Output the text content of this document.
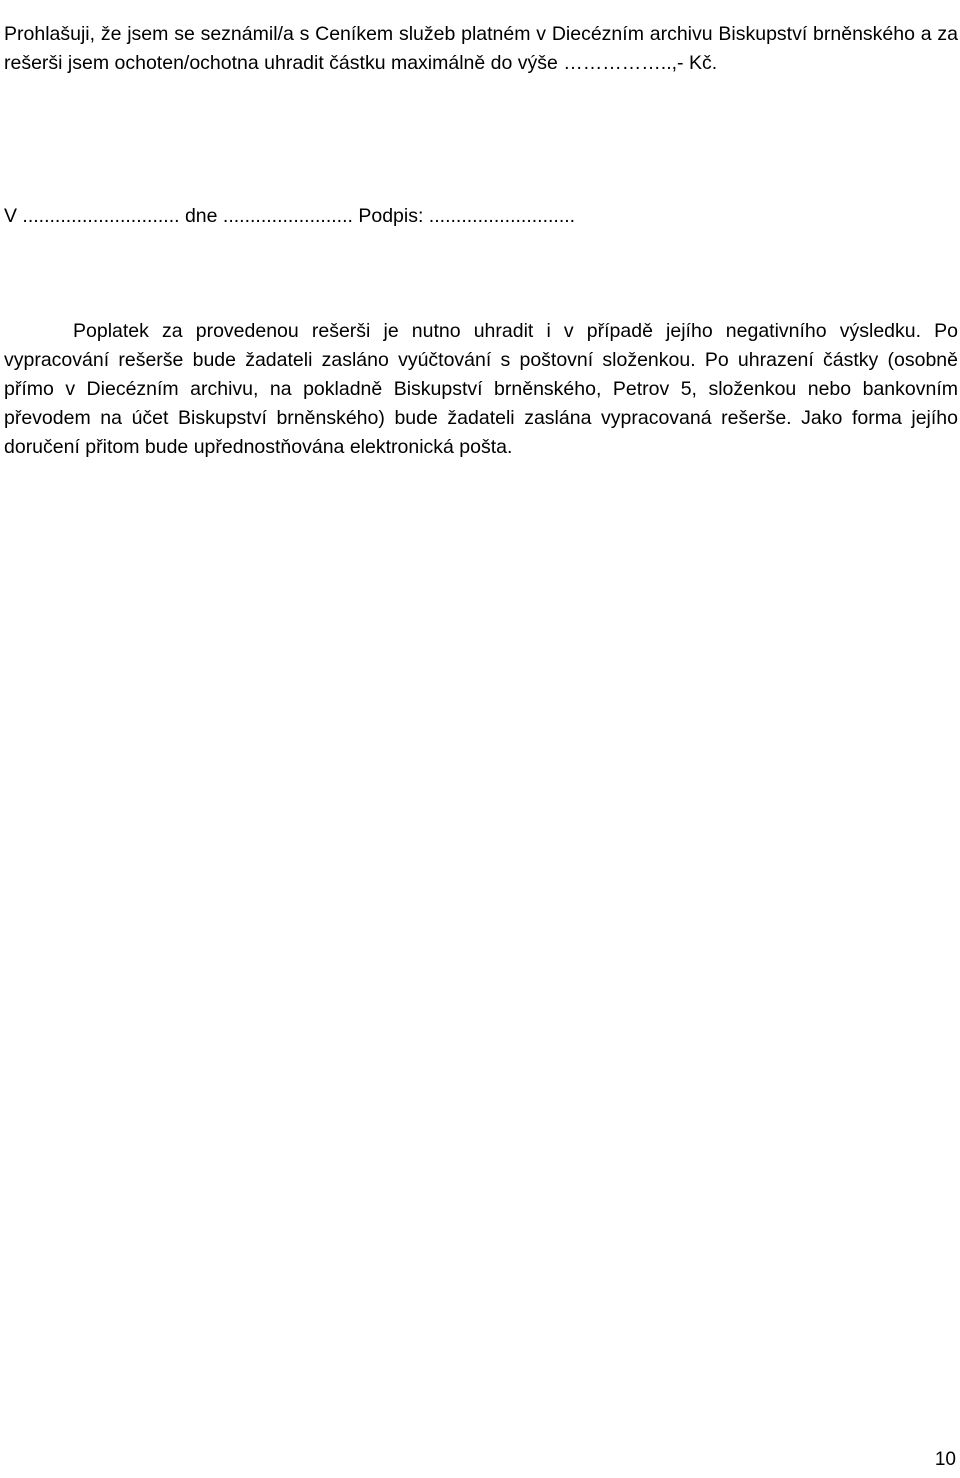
Prohlašuji, že jsem se seznámil/a s Ceníkem služeb platném v Diecézním archivu Biskupství brněnského a za rešerši jsem ochoten/ochotna uhradit částku maximálně do výše ……………..,- Kč.

V ............................. dne ........................ Podpis: ...........................

Poplatek za provedenou rešerši je nutno uhradit i v případě jejího negativního výsledku. Po vypracování rešerše bude žadateli zasláno vyúčtování s poštovní složenkou. Po uhrazení částky (osobně přímo v Diecézním archivu, na pokladně Biskupství brněnského, Petrov 5, složenkou nebo bankovním převodem na účet Biskupství brněnského) bude žadateli zaslána vypracovaná rešerše. Jako forma jejího doručení přitom bude upřednostňována elektronická pošta.

10
